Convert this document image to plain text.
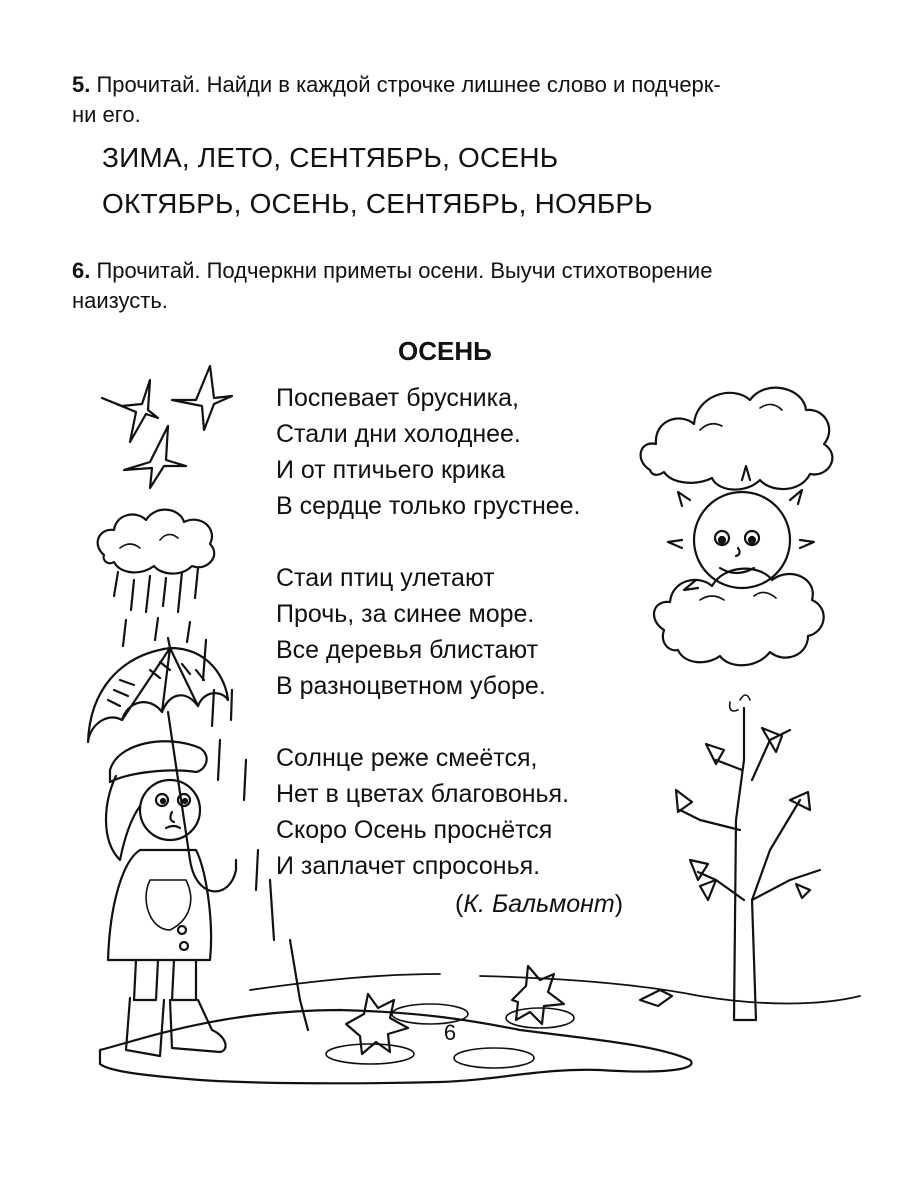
5. Прочитай. Найди в каждой строчке лишнее слово и подчерк-
ни его.

ЗИМА, ЛЕТО, СЕНТЯБРЬ, ОСЕНЬ

ОКТЯБРЬ, ОСЕНЬ, СЕНТЯБРЬ, НОЯБРЬ

6. Прочитай. Подчеркни приметы осени. Выучи стихотворение
наизусть.

ОСЕНЬ
Поспевает брусника,
Стали дни холоднее.
И от птичьего крика
В сердце только грустнее.
Стаи птиц улетают
Прочь, за синее море.
Все деревья блистают
В разноцветном уборе.
Солнце реже смеётся,
Нет в цветах благовонья.
Скоро Осень проснётся
И заплачет спросонья.

(К. Бальмонт)

6
